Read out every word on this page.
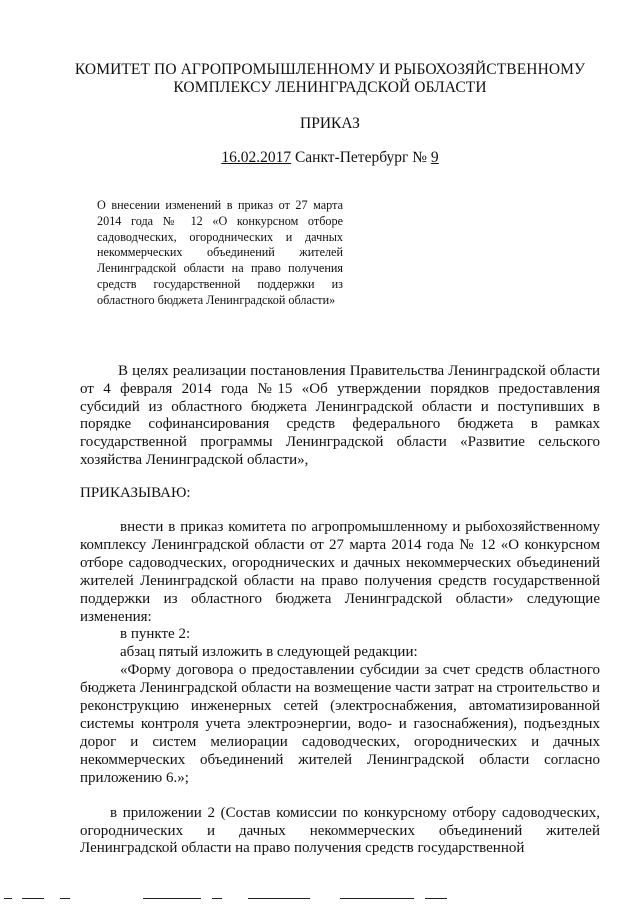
КОМИТЕТ ПО АГРОПРОМЫШЛЕННОМУ И РЫБОХОЗЯЙСТВЕННОМУ
КОМПЛЕКСУ ЛЕНИНГРАДСКОЙ ОБЛАСТИ
ПРИКАЗ
16.02.2017 Санкт-Петербург № 9
О внесении изменений в приказ от 27 марта 2014 года № 12 «О конкурсном отборе садоводческих, огороднических и дачных некоммерческих объединений жителей Ленинградской области на право получения средств государственной поддержки из областного бюджета Ленинградской области»
В целях реализации постановления Правительства Ленинградской области от 4 февраля 2014 года №15 «Об утверждении порядков предоставления субсидий из областного бюджета Ленинградской области и поступивших в порядке софинансирования средств федерального бюджета в рамках государственной программы Ленинградской области «Развитие сельского хозяйства Ленинградской области»,
ПРИКАЗЫВАЮ:

внести в приказ комитета по агропромышленному и рыбохозяйственному комплексу Ленинградской области от 27 марта 2014 года № 12 «О конкурсном отборе садоводческих, огороднических и дачных некоммерческих объединений жителей Ленинградской области на право получения средств государственной поддержки из областного бюджета Ленинградской области» следующие изменения:

в пункте 2:

абзац пятый изложить в следующей редакции:

«Форму договора о предоставлении субсидии за счет средств областного бюджета Ленинградской области на возмещение части затрат на строительство и реконструкцию инженерных сетей (электроснабжения, автоматизированной системы контроля учета электроэнергии, водо- и газоснабжения), подъездных дорог и систем мелиорации садоводческих, огороднических и дачных некоммерческих объединений жителей Ленинградской области согласно приложению 6.»;

в приложении 2 (Состав комиссии по конкурсному отбору садоводческих, огороднических и дачных некоммерческих объединений жителей Ленинградской области на право получения средств государственной
